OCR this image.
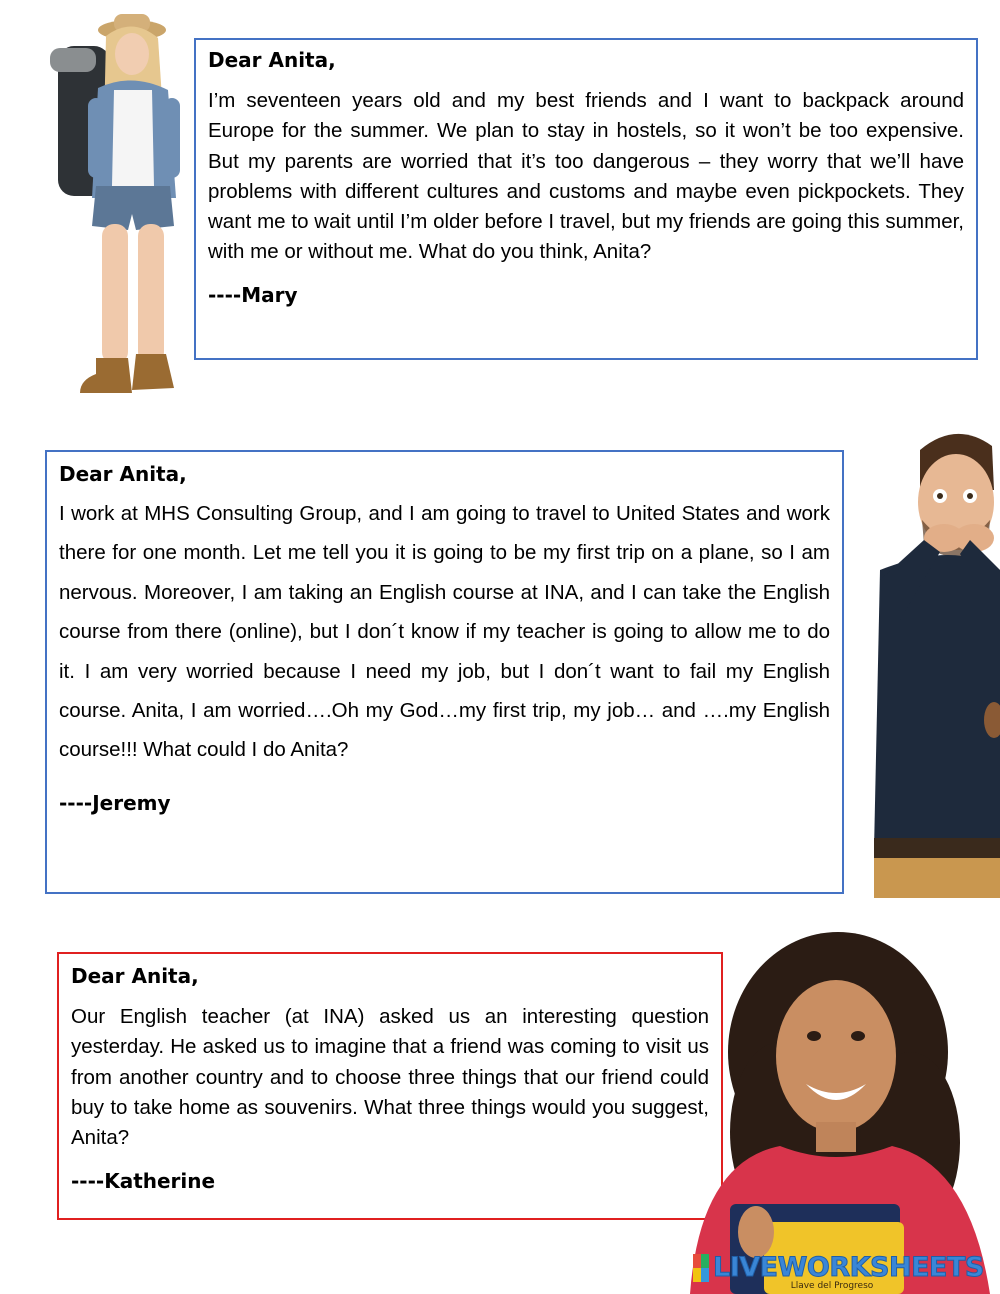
Dear Anita,

I’m seventeen years old and my best friends and I want to backpack around Europe for the summer. We plan to stay in hostels, so it won’t be too expensive. But my parents are worried that it’s too dangerous – they worry that we’ll have problems with different cultures and customs and maybe even pickpockets. They want me to wait until I’m older before I travel, but my friends are going this summer, with me or without me. What do you think, Anita?

----Mary

Dear Anita,

I work at MHS Consulting Group, and I am going to travel to United States and work there for one month. Let me tell you it is going to be my first trip on a plane, so I am nervous. Moreover, I am taking an English course at INA, and I can take the English course from there (online), but I don´t know if my teacher is going to allow me to do it. I am very worried because I need my job, but I don´t want to fail my English course. Anita, I am worried….Oh my God…my first trip, my job… and ….my English course!!! What could I do Anita?

----Jeremy

Dear Anita,

Our English teacher (at INA) asked us an interesting question yesterday. He asked us to imagine that a friend was coming to visit us from another country and to choose three things that our friend could buy to take home as souvenirs. What three things would you suggest, Anita?

----Katherine

Llave del Progreso
LIVEWORKSHEETS
